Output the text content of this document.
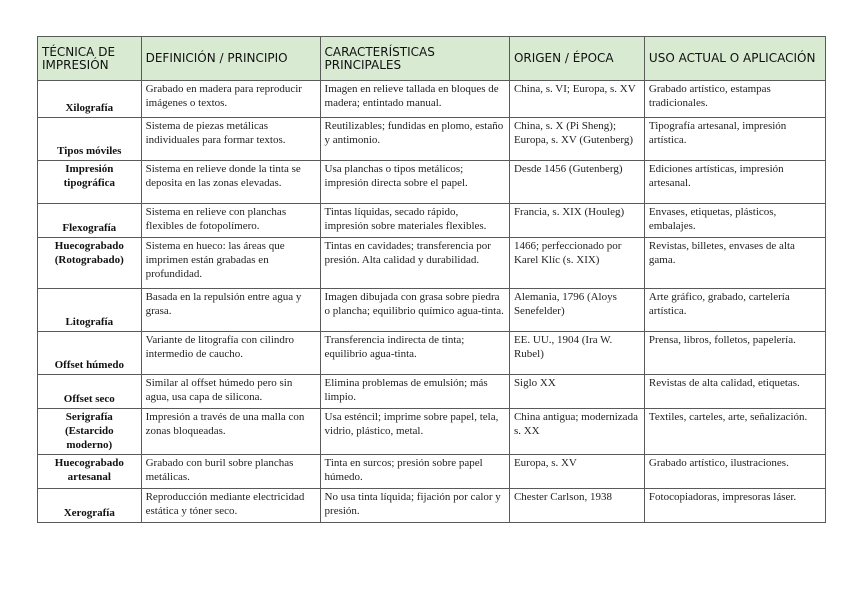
TÉCNICA DE IMPRESIÓN	DEFINICIÓN / PRINCIPIO	CARACTERÍSTICAS PRINCIPALES	ORIGEN / ÉPOCA	USO ACTUAL O APLICACIÓN
Xilografía	Grabado en madera para reproducir imágenes o textos.	Imagen en relieve tallada en bloques de madera; entintado manual.	China, s. VI; Europa, s. XV	Grabado artístico, estampas tradicionales.
Tipos móviles	Sistema de piezas metálicas individuales para formar textos.	Reutilizables; fundidas en plomo, estaño y antimonio.	China, s. X (Pi Sheng); Europa, s. XV (Gutenberg)	Tipografía artesanal, impresión artística.
Impresión tipográfica	Sistema en relieve donde la tinta se deposita en las zonas elevadas.	Usa planchas o tipos metálicos; impresión directa sobre el papel.	Desde 1456 (Gutenberg)	Ediciones artísticas, impresión artesanal.
Flexografía	Sistema en relieve con planchas flexibles de fotopolímero.	Tintas líquidas, secado rápido, impresión sobre materiales flexibles.	Francia, s. XIX (Houleg)	Envases, etiquetas, plásticos, embalajes.
Huecograbado (Rotograbado)	Sistema en hueco: las áreas que imprimen están grabadas en profundidad.	Tintas en cavidades; transferencia por presión. Alta calidad y durabilidad.	1466; perfeccionado por Karel Klíc (s. XIX)	Revistas, billetes, envases de alta gama.
Litografía	Basada en la repulsión entre agua y grasa.	Imagen dibujada con grasa sobre piedra o plancha; equilibrio químico agua-tinta.	Alemania, 1796 (Aloys Senefelder)	Arte gráfico, grabado, cartelería artística.
Offset húmedo	Variante de litografía con cilindro intermedio de caucho.	Transferencia indirecta de tinta; equilibrio agua-tinta.	EE. UU., 1904 (Ira W. Rubel)	Prensa, libros, folletos, papelería.
Offset seco	Similar al offset húmedo pero sin agua, usa capa de silicona.	Elimina problemas de emulsión; más limpio.	Siglo XX	Revistas de alta calidad, etiquetas.
Serigrafía (Estarcido moderno)	Impresión a través de una malla con zonas bloqueadas.	Usa esténcil; imprime sobre papel, tela, vidrio, plástico, metal.	China antigua; modernizada s. XX	Textiles, carteles, arte, señalización.
Huecograbado artesanal	Grabado con buril sobre planchas metálicas.	Tinta en surcos; presión sobre papel húmedo.	Europa, s. XV	Grabado artístico, ilustraciones.
Xerografía	Reproducción mediante electricidad estática y tóner seco.	No usa tinta líquida; fijación por calor y presión.	Chester Carlson, 1938	Fotocopiadoras, impresoras láser.
